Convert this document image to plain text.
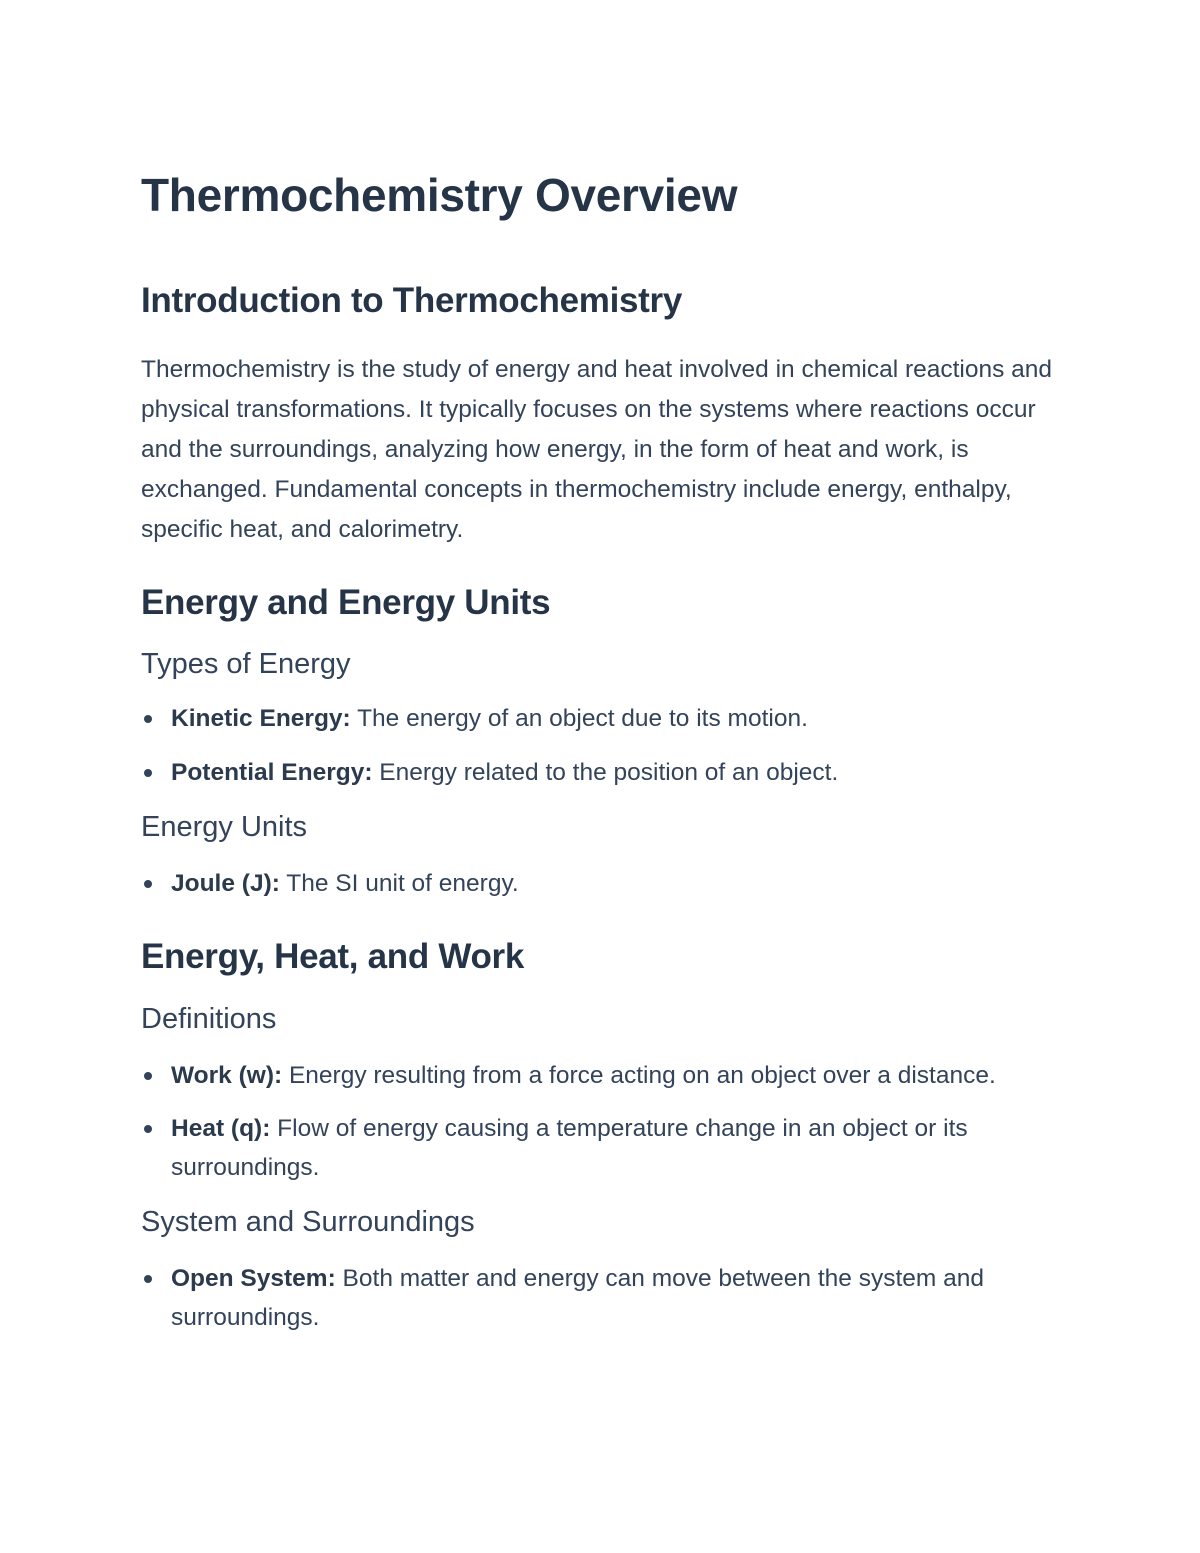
Thermochemistry Overview
Introduction to Thermochemistry

Thermochemistry is the study of energy and heat involved in chemical reactions and physical transformations. It typically focuses on the systems where reactions occur and the surroundings, analyzing how energy, in the form of heat and work, is exchanged. Fundamental concepts in thermochemistry include energy, enthalpy, specific heat, and calorimetry.

Energy and Energy Units
Types of Energy
Kinetic Energy: The energy of an object due to its motion.
Potential Energy: Energy related to the position of an object.
Energy Units
Joule (J): The SI unit of energy.
Energy, Heat, and Work
Definitions
Work (w): Energy resulting from a force acting on an object over a distance.
Heat (q): Flow of energy causing a temperature change in an object or its surroundings.
System and Surroundings
Open System: Both matter and energy can move between the system and surroundings.
